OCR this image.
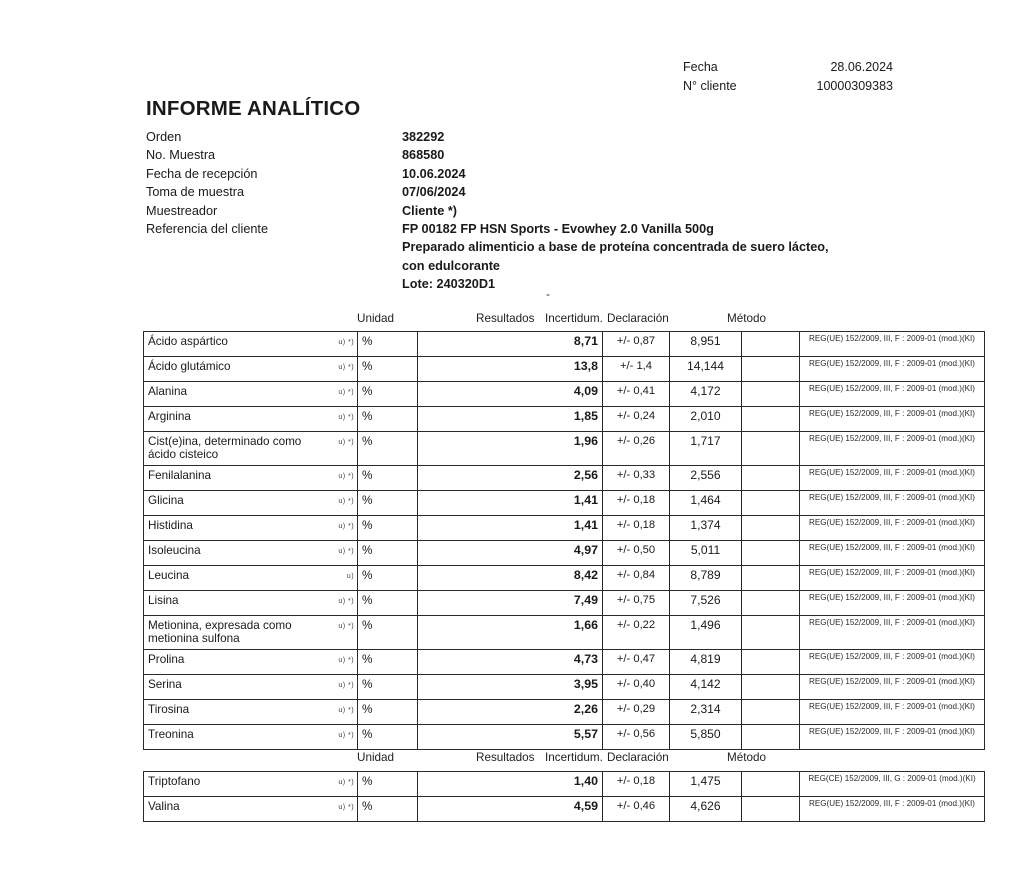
Fecha	28.06.2024
N° cliente	10000309383
INFORME ANALÍTICO
Orden	382292
No. Muestra	868580
Fecha de recepción	10.06.2024
Toma de muestra	07/06/2024
Muestreador	Cliente *)
Referencia del cliente	FP 00182 FP HSN Sports - Evowhey 2.0 Vanilla 500g
Preparado alimenticio a base de proteína concentrada de suero lácteo,
con edulcorante
Lote: 240320D1
-
Unidad	Resultados Incertidum. Declaración	Método
Ácido aspártico u) *)	%	8,71	+/- 0,87	8,951		REG(UE) 152/2009, III, F : 2009-01 (mod.)(KI)

Ácido glutámico u) *)	%	13,8	+/- 1,4	14,144		REG(UE) 152/2009, III, F : 2009-01 (mod.)(KI)

Alanina u) *)	%	4,09	+/- 0,41	4,172		REG(UE) 152/2009, III, F : 2009-01 (mod.)(KI)

Arginina u) *)	%	1,85	+/- 0,24	2,010		REG(UE) 152/2009, III, F : 2009-01 (mod.)(KI)

Cist(e)ina, determinado como ácido cisteico
u) *)	%	1,96	+/- 0,26	1,717		REG(UE) 152/2009, III, F : 2009-01 (mod.)(KI)

Fenilalanina u) *)	%	2,56	+/- 0,33	2,556		REG(UE) 152/2009, III, F : 2009-01 (mod.)(KI)

Glicina u) *)	%	1,41	+/- 0,18	1,464		REG(UE) 152/2009, III, F : 2009-01 (mod.)(KI)

Histidina u) *)	%	1,41	+/- 0,18	1,374		REG(UE) 152/2009, III, F : 2009-01 (mod.)(KI)

Isoleucina u) *)	%	4,97	+/- 0,50	5,011		REG(UE) 152/2009, III, F : 2009-01 (mod.)(KI)

Leucina u)	%	8,42	+/- 0,84	8,789		REG(UE) 152/2009, III, F : 2009-01 (mod.)(KI)

Lisina u) *)	%	7,49	+/- 0,75	7,526		REG(UE) 152/2009, III, F : 2009-01 (mod.)(KI)

Metionina, expresada como metionina sulfona
u) *)	%	1,66	+/- 0,22	1,496		REG(UE) 152/2009, III, F : 2009-01 (mod.)(KI)

Prolina u) *)	%	4,73	+/- 0,47	4,819		REG(UE) 152/2009, III, F : 2009-01 (mod.)(KI)

Serina u) *)	%	3,95	+/- 0,40	4,142		REG(UE) 152/2009, III, F : 2009-01 (mod.)(KI)

Tirosina u) *)	%	2,26	+/- 0,29	2,314		REG(UE) 152/2009, III, F : 2009-01 (mod.)(KI)

Treonina u) *)	%	5,57	+/- 0,56	5,850		REG(UE) 152/2009, III, F : 2009-01 (mod.)(KI)
Unidad	Resultados Incertidum. Declaración	Método
Triptofano u) *)	%	1,40	+/- 0,18	1,475		REG(CE) 152/2009, III, G : 2009-01 (mod.)(KI)

Valina u) *)	%	4,59	+/- 0,46	4,626		REG(UE) 152/2009, III, F : 2009-01 (mod.)(KI)
